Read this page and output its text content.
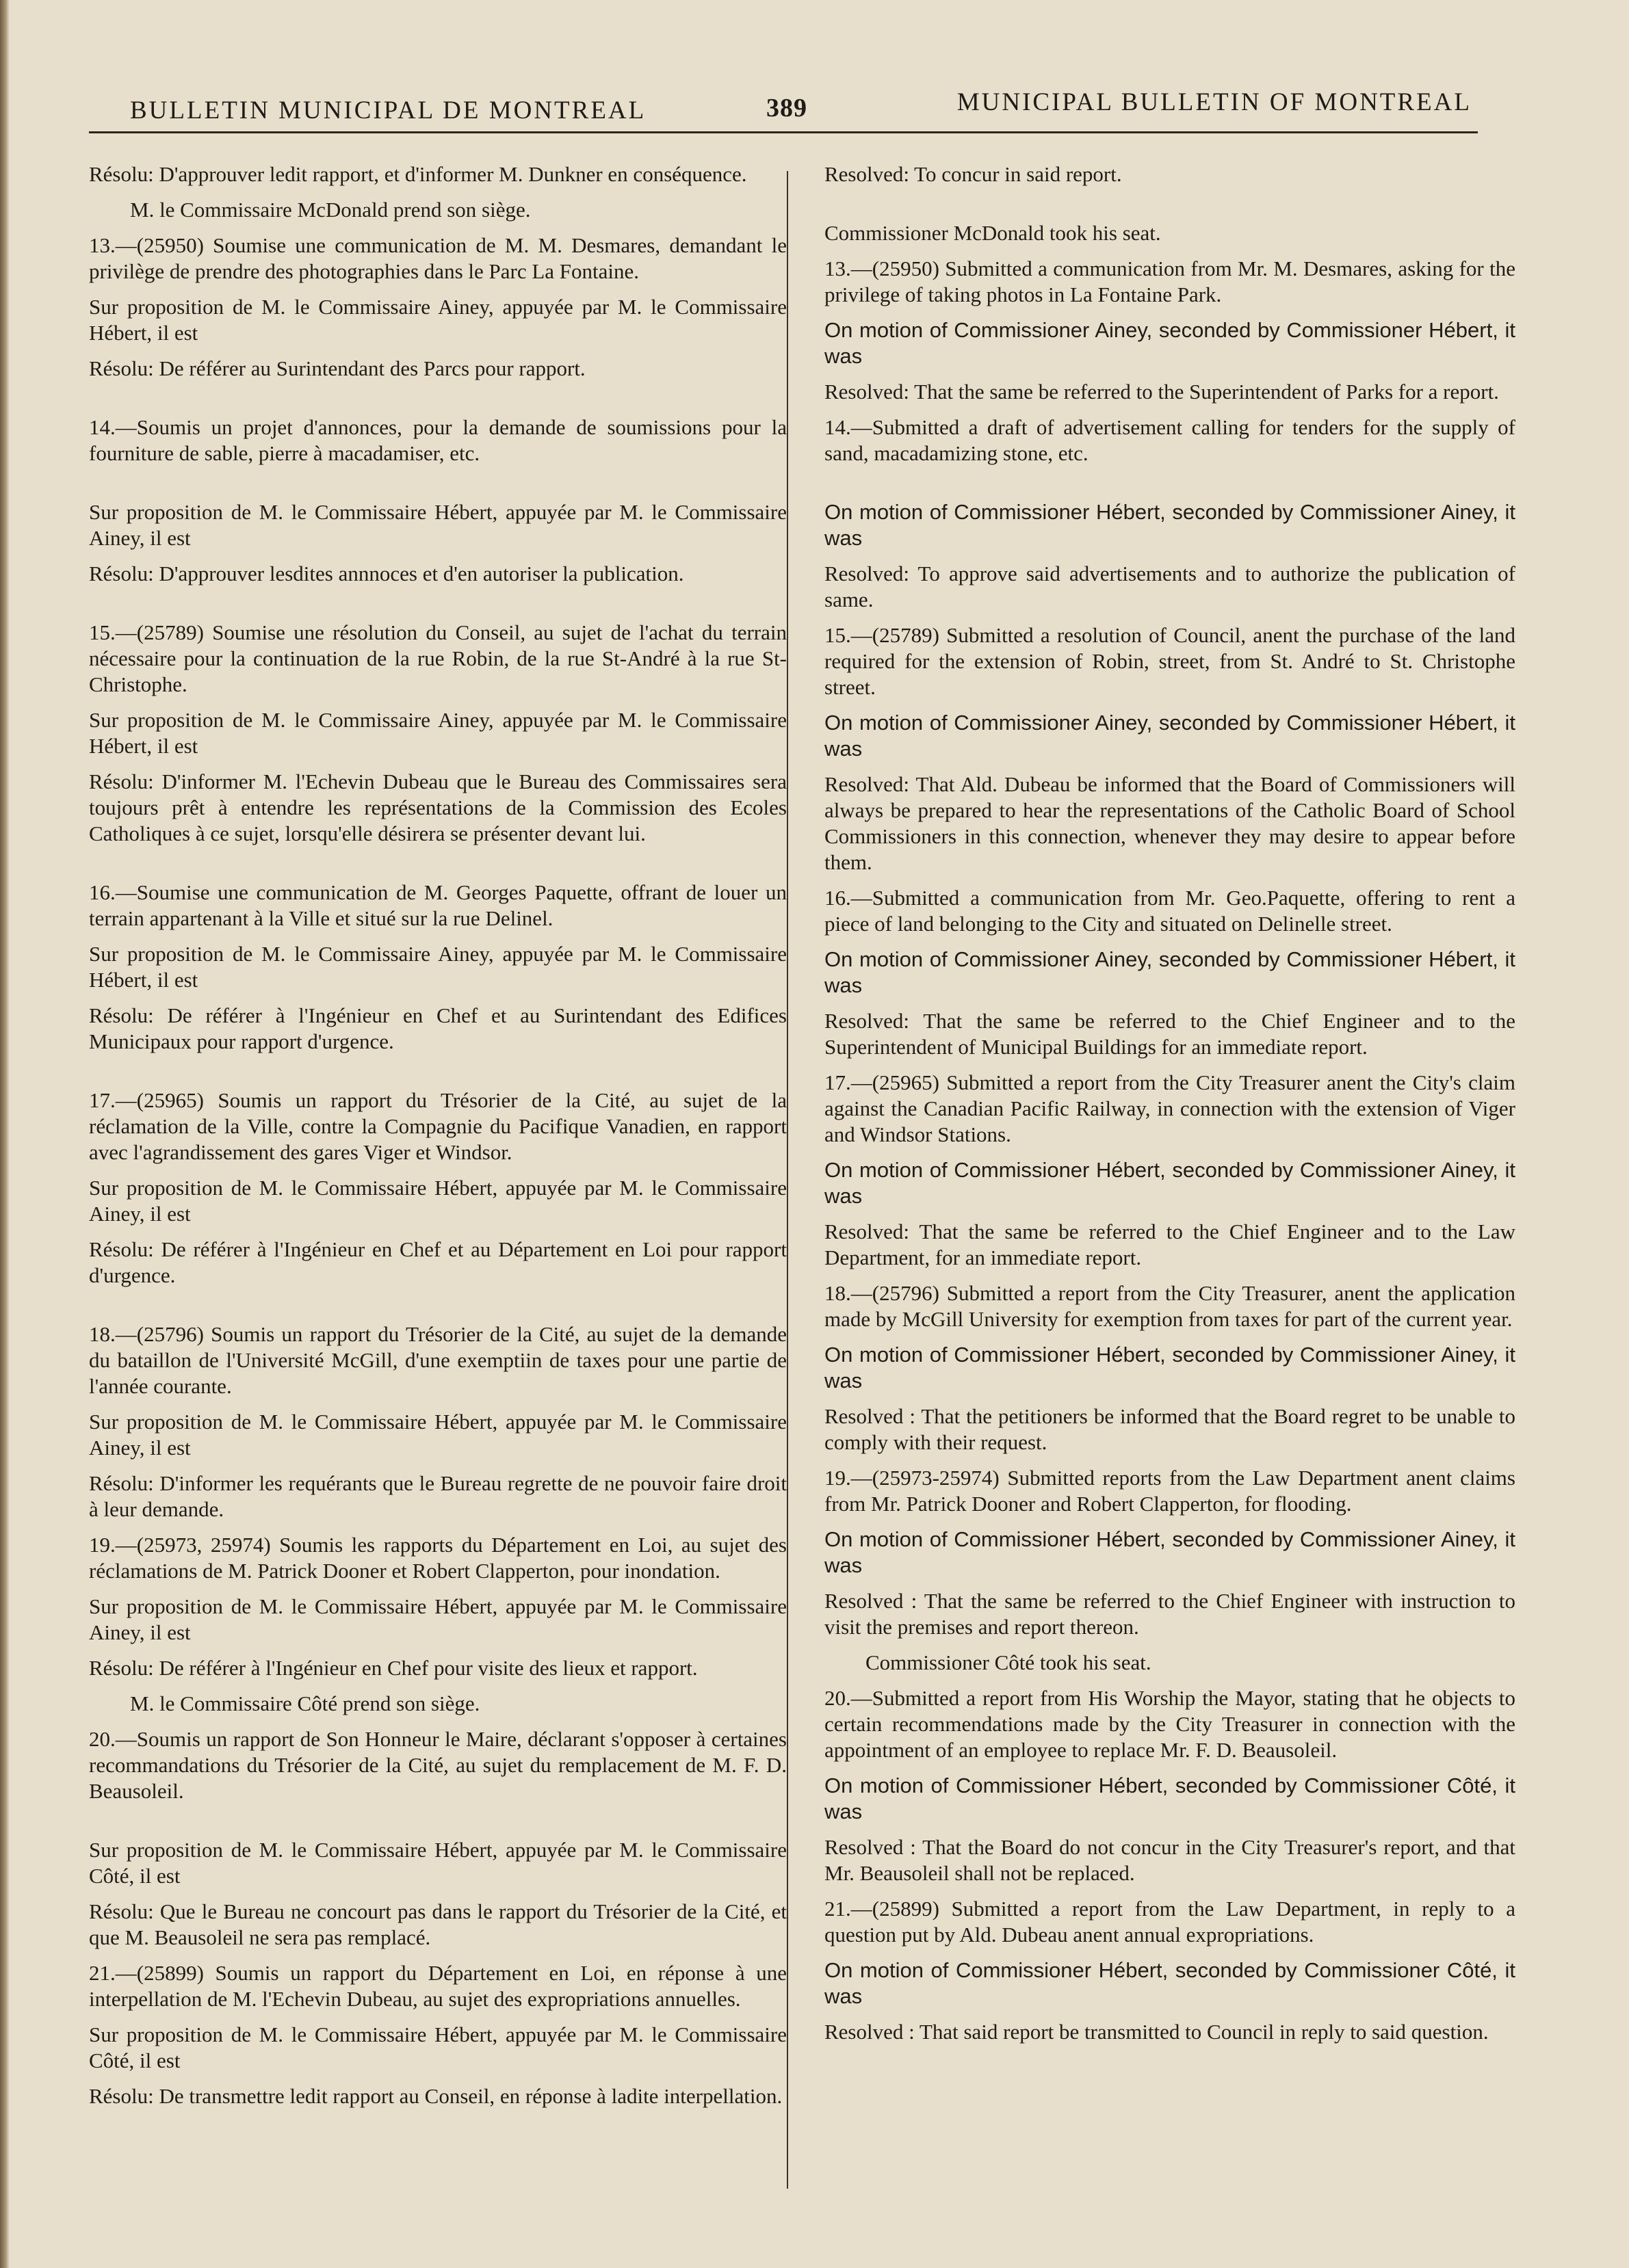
BULLETIN MUNICIPAL DE MONTREAL	389	MUNICIPAL BULLETIN OF MONTREAL

Résolu: D'approuver ledit rapport, et d'informer M. Dunkner en conséquence.

M. le Commissaire McDonald prend son siège.

13.—(25950) Soumise une communication de M. M. Desmares, demandant le privilège de prendre des photographies dans le Parc La Fontaine.

Sur proposition de M. le Commissaire Ainey, appuyée par M. le Commissaire Hébert, il est

Résolu: De référer au Surintendant des Parcs pour rapport.

14.—Soumis un projet d'annonces, pour la demande de soumissions pour la fourniture de sable, pierre à macadamiser, etc.

Sur proposition de M. le Commissaire Hébert, appuyée par M. le Commissaire Ainey, il est

Résolu: D'approuver lesdites annnoces et d'en autoriser la publication.

15.—(25789) Soumise une résolution du Conseil, au sujet de l'achat du terrain nécessaire pour la continuation de la rue Robin, de la rue St-André à la rue St-Christophe.

Sur proposition de M. le Commissaire Ainey, appuyée par M. le Commissaire Hébert, il est

Résolu: D'informer M. l'Echevin Dubeau que le Bureau des Commissaires sera toujours prêt à entendre les représentations de la Commission des Ecoles Catholiques à ce sujet, lorsqu'elle désirera se présenter devant lui.

16.—Soumise une communication de M. Georges Paquette, offrant de louer un terrain appartenant à la Ville et situé sur la rue Delinel.

Sur proposition de M. le Commissaire Ainey, appuyée par M. le Commissaire Hébert, il est

Résolu: De référer à l'Ingénieur en Chef et au Surintendant des Edifices Municipaux pour rapport d'urgence.

17.—(25965) Soumis un rapport du Trésorier de la Cité, au sujet de la réclamation de la Ville, contre la Compagnie du Pacifique Vanadien, en rapport avec l'agrandissement des gares Viger et Windsor.

Sur proposition de M. le Commissaire Hébert, appuyée par M. le Commissaire Ainey, il est

Résolu: De référer à l'Ingénieur en Chef et au Département en Loi pour rapport d'urgence.

18.—(25796) Soumis un rapport du Trésorier de la Cité, au sujet de la demande du bataillon de l'Université McGill, d'une exemptiin de taxes pour une partie de l'année courante.

Sur proposition de M. le Commissaire Hébert, appuyée par M. le Commissaire Ainey, il est

Résolu: D'informer les requérants que le Bureau regrette de ne pouvoir faire droit à leur demande.

19.—(25973, 25974) Soumis les rapports du Département en Loi, au sujet des réclamations de M. Patrick Dooner et Robert Clapperton, pour inondation.

Sur proposition de M. le Commissaire Hébert, appuyée par M. le Commissaire Ainey, il est

Résolu: De référer à l'Ingénieur en Chef pour visite des lieux et rapport.

M. le Commissaire Côté prend son siège.

20.—Soumis un rapport de Son Honneur le Maire, déclarant s'opposer à certaines recommandations du Trésorier de la Cité, au sujet du remplacement de M. F. D. Beausoleil.

Sur proposition de M. le Commissaire Hébert, appuyée par M. le Commissaire Côté, il est

Résolu: Que le Bureau ne concourt pas dans le rapport du Trésorier de la Cité, et que M. Beausoleil ne sera pas remplacé.

21.—(25899) Soumis un rapport du Département en Loi, en réponse à une interpellation de M. l'Echevin Dubeau, au sujet des expropriations annuelles.

Sur proposition de M. le Commissaire Hébert, appuyée par M. le Commissaire Côté, il est

Résolu: De transmettre ledit rapport au Conseil, en réponse à ladite interpellation.

Resolved: To concur in said report.

Commissioner McDonald took his seat.

13.—(25950) Submitted a communication from Mr. M. Desmares, asking for the privilege of taking photos in La Fontaine Park.

On motion of Commissioner Ainey, seconded by Commissioner Hébert, it was

Resolved: That the same be referred to the Superintendent of Parks for a report.

14.—Submitted a draft of advertisement calling for tenders for the supply of sand, macadamizing stone, etc.

On motion of Commissioner Hébert, seconded by Commissioner Ainey, it was

Resolved: To approve said advertisements and to authorize the publication of same.

15.—(25789) Submitted a resolution of Council, anent the purchase of the land required for the extension of Robin, street, from St. André to St. Christophe street.

On motion of Commissioner Ainey, seconded by Commissioner Hébert, it was

Resolved: That Ald. Dubeau be informed that the Board of Commissioners will always be prepared to hear the representations of the Catholic Board of School Commissioners in this connection, whenever they may desire to appear before them.

16.—Submitted a communication from Mr. Geo.Paquette, offering to rent a piece of land belonging to the City and situated on Delinelle street.

On motion of Commissioner Ainey, seconded by Commissioner Hébert, it was

Resolved: That the same be referred to the Chief Engineer and to the Superintendent of Municipal Buildings for an immediate report.

17.—(25965) Submitted a report from the City Treasurer anent the City's claim against the Canadian Pacific Railway, in connection with the extension of Viger and Windsor Stations.

On motion of Commissioner Hébert, seconded by Commissioner Ainey, it was

Resolved: That the same be referred to the Chief Engineer and to the Law Department, for an immediate report.

18.—(25796) Submitted a report from the City Treasurer, anent the application made by McGill University for exemption from taxes for part of the current year.

On motion of Commissioner Hébert, seconded by Commissioner Ainey, it was

Resolved : That the petitioners be informed that the Board regret to be unable to comply with their request.

19.—(25973-25974) Submitted reports from the Law Department anent claims from Mr. Patrick Dooner and Robert Clapperton, for flooding.

On motion of Commissioner Hébert, seconded by Commissioner Ainey, it was

Resolved : That the same be referred to the Chief Engineer with instruction to visit the premises and report thereon.

Commissioner Côté took his seat.

20.—Submitted a report from His Worship the Mayor, stating that he objects to certain recommendations made by the City Treasurer in connection with the appointment of an employee to replace Mr. F. D. Beausoleil.

On motion of Commissioner Hébert, seconded by Commissioner Côté, it was

Resolved : That the Board do not concur in the City Treasurer's report, and that Mr. Beausoleil shall not be replaced.

21.—(25899) Submitted a report from the Law Department, in reply to a question put by Ald. Dubeau anent annual expropriations.

On motion of Commissioner Hébert, seconded by Commissioner Côté, it was

Resolved : That said report be transmitted to Council in reply to said question.
